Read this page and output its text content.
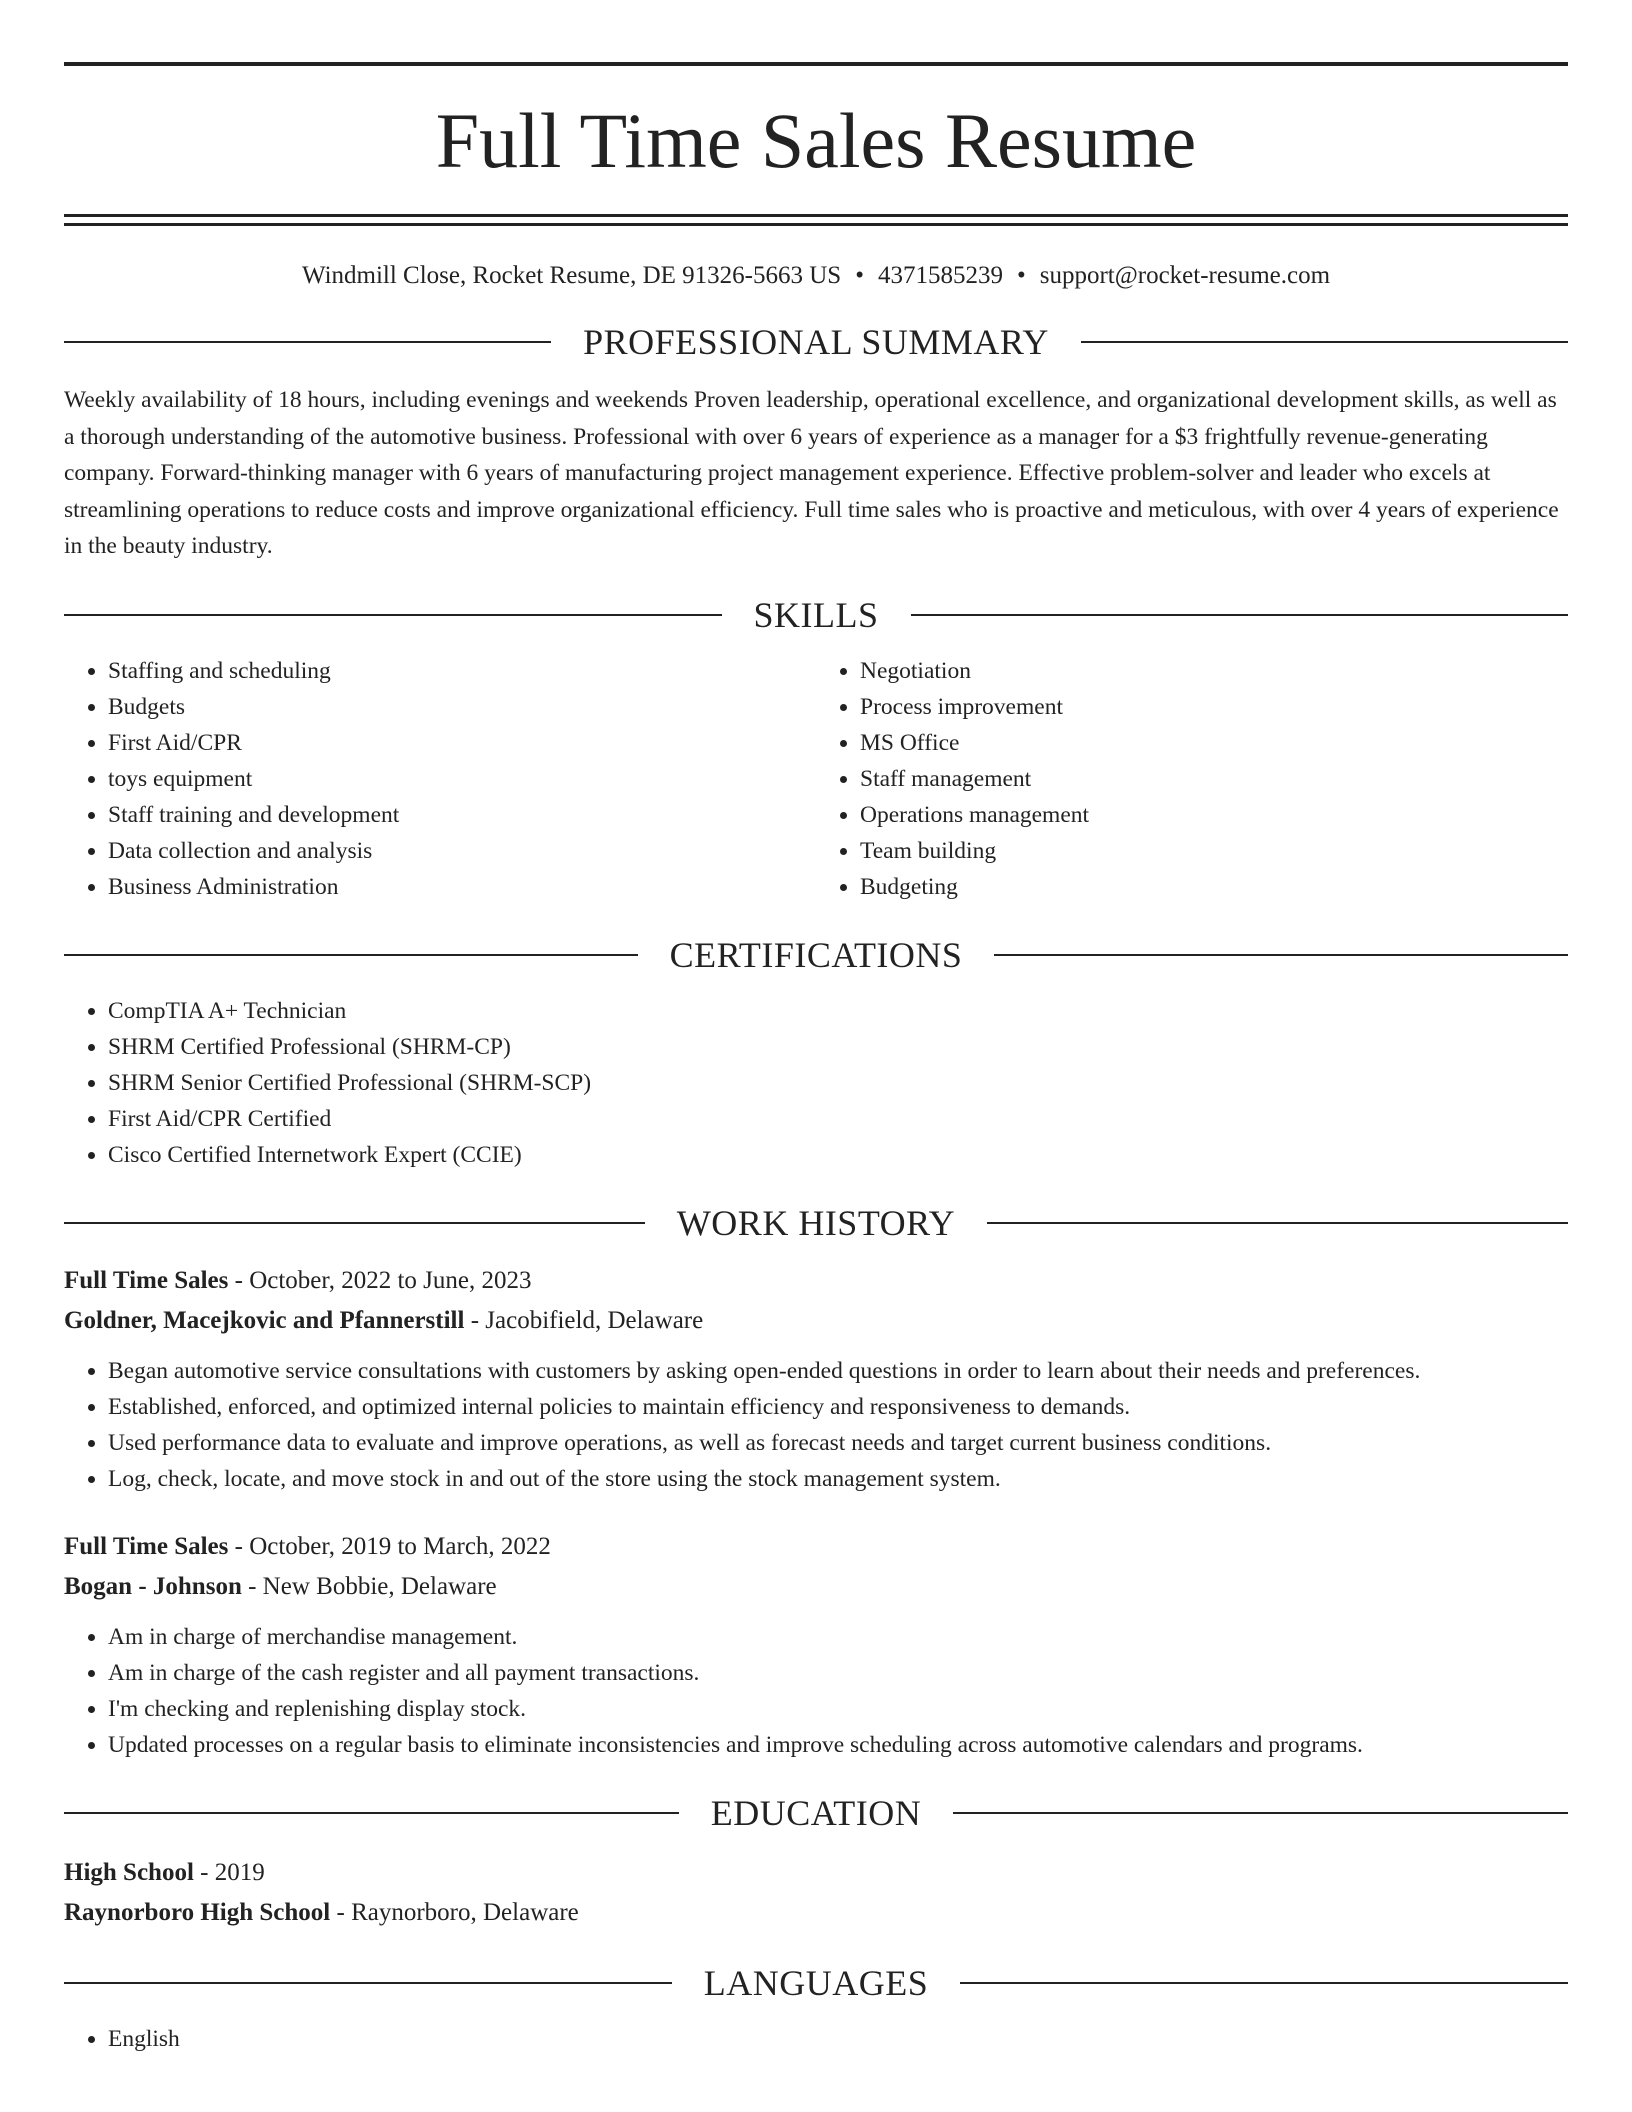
Full Time Sales Resume
Windmill Close, Rocket Resume, DE 91326-5663 US • 4371585239 • support@rocket-resume.com
PROFESSIONAL SUMMARY
Weekly availability of 18 hours, including evenings and weekends Proven leadership, operational excellence, and organizational development skills, as well as a thorough understanding of the automotive business. Professional with over 6 years of experience as a manager for a $3 frightfully revenue-generating company. Forward-thinking manager with 6 years of manufacturing project management experience. Effective problem-solver and leader who excels at streamlining operations to reduce costs and improve organizational efficiency. Full time sales who is proactive and meticulous, with over 4 years of experience in the beauty industry.
SKILLS
• Staffing and scheduling
• Budgets
• First Aid/CPR
• toys equipment
• Staff training and development
• Data collection and analysis
• Business Administration
• Negotiation
• Process improvement
• MS Office
• Staff management
• Operations management
• Team building
• Budgeting
CERTIFICATIONS
• CompTIA A+ Technician
• SHRM Certified Professional (SHRM-CP)
• SHRM Senior Certified Professional (SHRM-SCP)
• First Aid/CPR Certified
• Cisco Certified Internetwork Expert (CCIE)
WORK HISTORY
Full Time Sales - October, 2022 to June, 2023
Goldner, Macejkovic and Pfannerstill - Jacobifield, Delaware
• Began automotive service consultations with customers by asking open-ended questions in order to learn about their needs and preferences.
• Established, enforced, and optimized internal policies to maintain efficiency and responsiveness to demands.
• Used performance data to evaluate and improve operations, as well as forecast needs and target current business conditions.
• Log, check, locate, and move stock in and out of the store using the stock management system.
Full Time Sales - October, 2019 to March, 2022
Bogan - Johnson - New Bobbie, Delaware
• Am in charge of merchandise management.
• Am in charge of the cash register and all payment transactions.
• I'm checking and replenishing display stock.
• Updated processes on a regular basis to eliminate inconsistencies and improve scheduling across automotive calendars and programs.
EDUCATION
High School - 2019
Raynorboro High School - Raynorboro, Delaware
LANGUAGES
• English
